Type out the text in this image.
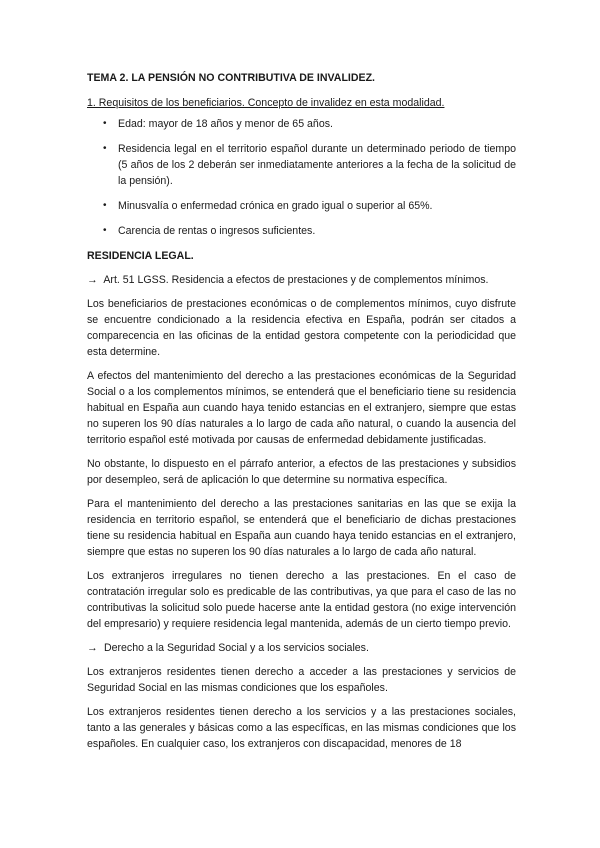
TEMA 2. LA PENSIÓN NO CONTRIBUTIVA DE INVALIDEZ.
1. Requisitos de los beneficiarios. Concepto de invalidez en esta modalidad.
• Edad: mayor de 18 años y menor de 65 años.
• Residencia legal en el territorio español durante un determinado periodo de tiempo (5 años de los 2 deberán ser inmediatamente anteriores a la fecha de la solicitud de la pensión).
• Minusvalía o enfermedad crónica en grado igual o superior al 65%.
• Carencia de rentas o ingresos suficientes.
RESIDENCIA LEGAL.
→ Art. 51 LGSS. Residencia a efectos de prestaciones y de complementos mínimos.

Los beneficiarios de prestaciones económicas o de complementos mínimos, cuyo disfrute se encuentre condicionado a la residencia efectiva en España, podrán ser citados a comparecencia en las oficinas de la entidad gestora competente con la periodicidad que esta determine.

A efectos del mantenimiento del derecho a las prestaciones económicas de la Seguridad Social o a los complementos mínimos, se entenderá que el beneficiario tiene su residencia habitual en España aun cuando haya tenido estancias en el extranjero, siempre que estas no superen los 90 días naturales a lo largo de cada año natural, o cuando la ausencia del territorio español esté motivada por causas de enfermedad debidamente justificadas.

No obstante, lo dispuesto en el párrafo anterior, a efectos de las prestaciones y subsidios por desempleo, será de aplicación lo que determine su normativa específica.

Para el mantenimiento del derecho a las prestaciones sanitarias en las que se exija la residencia en territorio español, se entenderá que el beneficiario de dichas prestaciones tiene su residencia habitual en España aun cuando haya tenido estancias en el extranjero, siempre que estas no superen los 90 días naturales a lo largo de cada año natural.

Los extranjeros irregulares no tienen derecho a las prestaciones. En el caso de contratación irregular solo es predicable de las contributivas, ya que para el caso de las no contributivas la solicitud solo puede hacerse ante la entidad gestora (no exige intervención del empresario) y requiere residencia legal mantenida, además de un cierto tiempo previo.

→ Derecho a la Seguridad Social y a los servicios sociales.

Los extranjeros residentes tienen derecho a acceder a las prestaciones y servicios de Seguridad Social en las mismas condiciones que los españoles.

Los extranjeros residentes tienen derecho a los servicios y a las prestaciones sociales, tanto a las generales y básicas como a las específicas, en las mismas condiciones que los españoles. En cualquier caso, los extranjeros con discapacidad, menores de 18
